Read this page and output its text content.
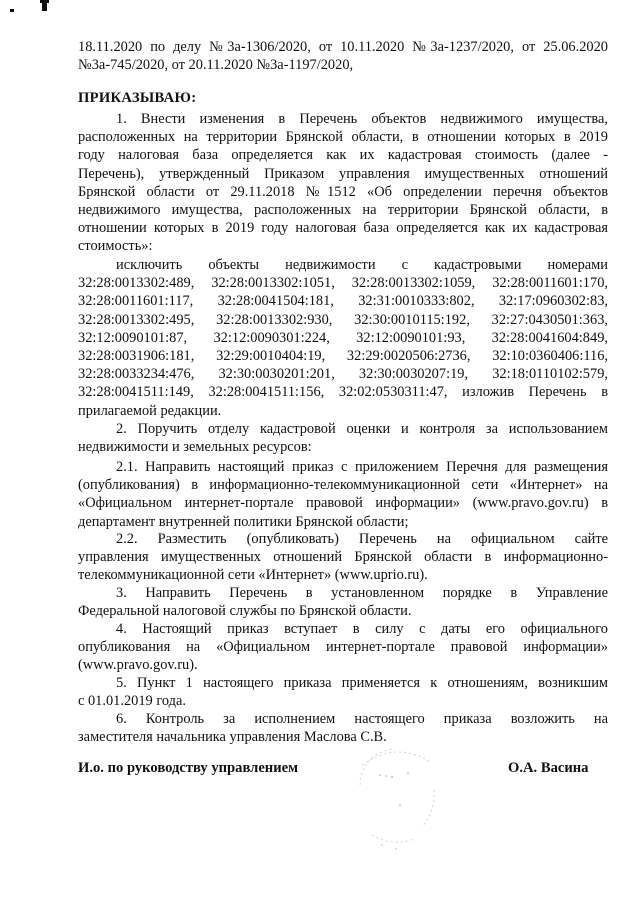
18.11.2020 по делу №3а-1306/2020, от 10.11.2020 №3а-1237/2020, от 25.06.2020
№3а-745/2020, от 20.11.2020 №3а-1197/2020,
ПРИКАЗЫВАЮ:
1. Внести изменения в Перечень объектов недвижимого имущества,
расположенных на территории Брянской области, в отношении которых в 2019
году налоговая база определяется как их кадастровая стоимость (далее -
Перечень), утвержденный Приказом управления имущественных отношений
Брянской области от 29.11.2018 №1512 «Об определении перечня объектов
недвижимого имущества, расположенных на территории Брянской области, в
отношении которых в 2019 году налоговая база определяется как их кадастровая
стоимость»:
исключить объекты недвижимости с кадастровыми номерами
32:28:0013302:489, 32:28:0013302:1051, 32:28:0013302:1059, 32:28:0011601:170,
32:28:0011601:117, 32:28:0041504:181, 32:31:0010333:802, 32:17:0960302:83,
32:28:0013302:495, 32:28:0013302:930, 32:30:0010115:192, 32:27:0430501:363,
32:12:0090101:87, 32:12:0090301:224, 32:12:0090101:93, 32:28:0041604:849,
32:28:0031906:181, 32:29:0010404:19, 32:29:0020506:2736, 32:10:0360406:116,
32:28:0033234:476, 32:30:0030201:201, 32:30:0030207:19, 32:18:0110102:579,
32:28:0041511:149, 32:28:0041511:156, 32:02:0530311:47, изложив Перечень в
прилагаемой редакции.
2. Поручить отделу кадастровой оценки и контроля за использованием
недвижимости и земельных ресурсов:
2.1. Направить настоящий приказ с приложением Перечня для размещения
(опубликования) в информационно-телекоммуникационной сети «Интернет» на
«Официальном интернет-портале правовой информации» (www.pravo.gov.ru) в
департамент внутренней политики Брянской области;
2.2. Разместить (опубликовать) Перечень на официальном сайте
управления имущественных отношений Брянской области в информационно-
телекоммуникационной сети «Интернет» (www.uprio.ru).
3. Направить Перечень в установленном порядке в Управление
Федеральной налоговой службы по Брянской области.
4. Настоящий приказ вступает в силу с даты его официального
опубликования на «Официальном интернет-портале правовой информации»
(www.pravo.gov.ru).
5. Пункт 1 настоящего приказа применяется к отношениям, возникшим
с 01.01.2019 года.
6. Контроль за исполнением настоящего приказа возложить на
заместителя начальника управления Маслова С.В.
И.о. по руководству управлением	О.А. Васина
